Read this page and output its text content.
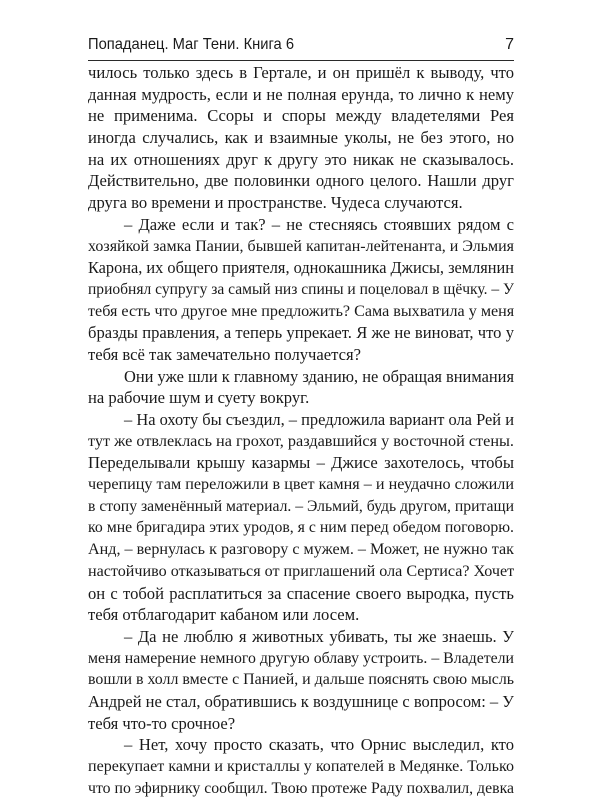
Попаданец. Маг Тени. Книга 6	7
чилось только здесь в Гертале, и он пришёл к выводу, что
данная мудрость, если и не полная ерунда, то лично к нему
не применима. Ссоры и споры между владетелями Рея
иногда случались, как и взаимные уколы, не без этого, но
на их отношениях друг к другу это никак не сказывалось.
Действительно, две половинки одного целого. Нашли друг
друга во времени и пространстве. Чудеса случаются.
– Даже если и так? – не стесняясь стоявших рядом с
хозяйкой замка Пании, бывшей капитан-лейтенанта, и Эльмия
Карона, их общего приятеля, однокашника Джисы, землянин
приобнял супругу за самый низ спины и поцеловал в щёчку. – У
тебя есть что другое мне предложить? Сама выхватила у меня
бразды правления, а теперь упрекает. Я же не виноват, что у
тебя всё так замечательно получается?
Они уже шли к главному зданию, не обращая внимания
на рабочие шум и суету вокруг.
– На охоту бы съездил, – предложила вариант ола Рей и
тут же отвлеклась на грохот, раздавшийся у восточной стены.
Переделывали крышу казармы – Джисе захотелось, чтобы
черепицу там переложили в цвет камня – и неудачно сложили
в стопу заменённый материал. – Эльмий, будь другом, притащи
ко мне бригадира этих уродов, я с ним перед обедом поговорю.
Анд, – вернулась к разговору с мужем. – Может, не нужно так
настойчиво отказываться от приглашений ола Сертиса? Хочет
он с тобой расплатиться за спасение своего выродка, пусть
тебя отблагодарит кабаном или лосем.
– Да не люблю я животных убивать, ты же знаешь. У
меня намерение немного другую облаву устроить. – Владетели
вошли в холл вместе с Панией, и дальше пояснять свою мысль
Андрей не стал, обратившись к воздушнице с вопросом: – У
тебя что-то срочное?
– Нет, хочу просто сказать, что Орнис выследил, кто
перекупает камни и кристаллы у копателей в Медянке. Только
что по эфирнику сообщил. Твою протеже Раду похвалил, девка
